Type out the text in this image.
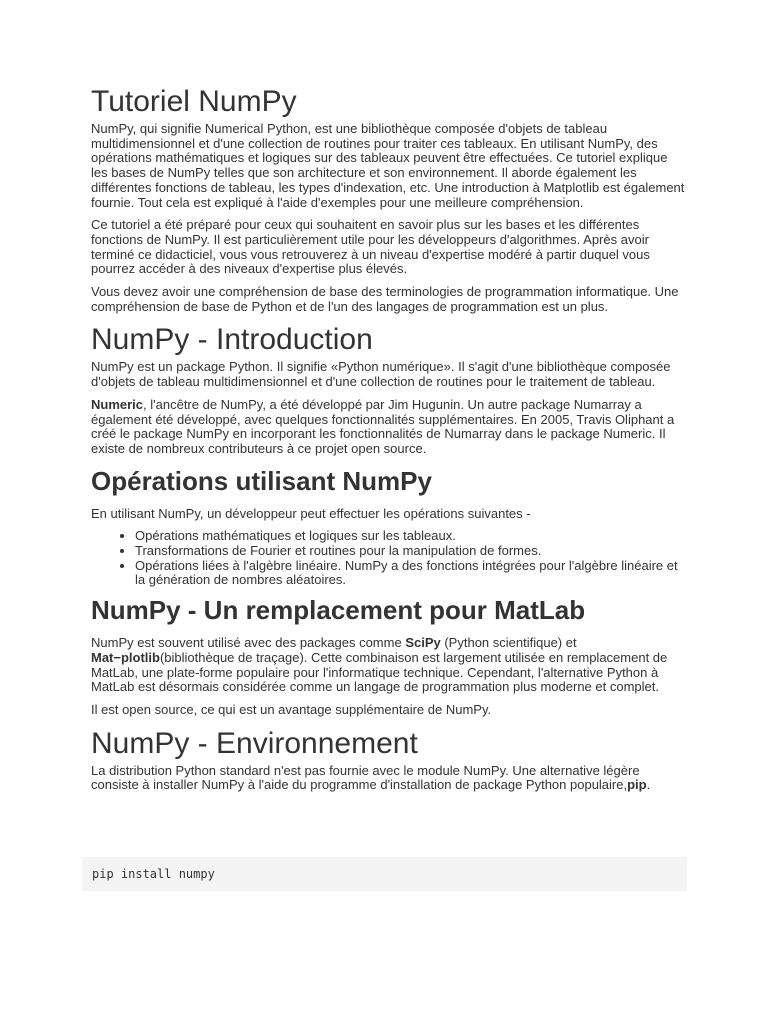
Tutoriel NumPy

NumPy, qui signifie Numerical Python, est une bibliothèque composée d'objets de tableau multidimensionnel et d'une collection de routines pour traiter ces tableaux. En utilisant NumPy, des opérations mathématiques et logiques sur des tableaux peuvent être effectuées. Ce tutoriel explique les bases de NumPy telles que son architecture et son environnement. Il aborde également les différentes fonctions de tableau, les types d'indexation, etc. Une introduction à Matplotlib est également fournie. Tout cela est expliqué à l'aide d'exemples pour une meilleure compréhension.

Ce tutoriel a été préparé pour ceux qui souhaitent en savoir plus sur les bases et les différentes fonctions de NumPy. Il est particulièrement utile pour les développeurs d'algorithmes. Après avoir terminé ce didacticiel, vous vous retrouverez à un niveau d'expertise modéré à partir duquel vous pourrez accéder à des niveaux d'expertise plus élevés.

Vous devez avoir une compréhension de base des terminologies de programmation informatique. Une compréhension de base de Python et de l'un des langages de programmation est un plus.

NumPy - Introduction

NumPy est un package Python. Il signifie «Python numérique». Il s'agit d'une bibliothèque composée d'objets de tableau multidimensionnel et d'une collection de routines pour le traitement de tableau.

Numeric, l'ancêtre de NumPy, a été développé par Jim Hugunin. Un autre package Numarray a également été développé, avec quelques fonctionnalités supplémentaires. En 2005, Travis Oliphant a créé le package NumPy en incorporant les fonctionnalités de Numarray dans le package Numeric. Il existe de nombreux contributeurs à ce projet open source.

Opérations utilisant NumPy

En utilisant NumPy, un développeur peut effectuer les opérations suivantes -

• Opérations mathématiques et logiques sur les tableaux.
• Transformations de Fourier et routines pour la manipulation de formes.
• Opérations liées à l'algèbre linéaire. NumPy a des fonctions intégrées pour l'algèbre linéaire et la génération de nombres aléatoires.
NumPy - Un remplacement pour MatLab

NumPy est souvent utilisé avec des packages comme SciPy (Python scientifique) et Mat−plotlib(bibliothèque de traçage). Cette combinaison est largement utilisée en remplacement de MatLab, une plate-forme populaire pour l'informatique technique. Cependant, l'alternative Python à MatLab est désormais considérée comme un langage de programmation plus moderne et complet.

Il est open source, ce qui est un avantage supplémentaire de NumPy.

NumPy - Environnement

La distribution Python standard n'est pas fournie avec le module NumPy. Une alternative légère consiste à installer NumPy à l'aide du programme d'installation de package Python populaire,pip.

pip install numpy
